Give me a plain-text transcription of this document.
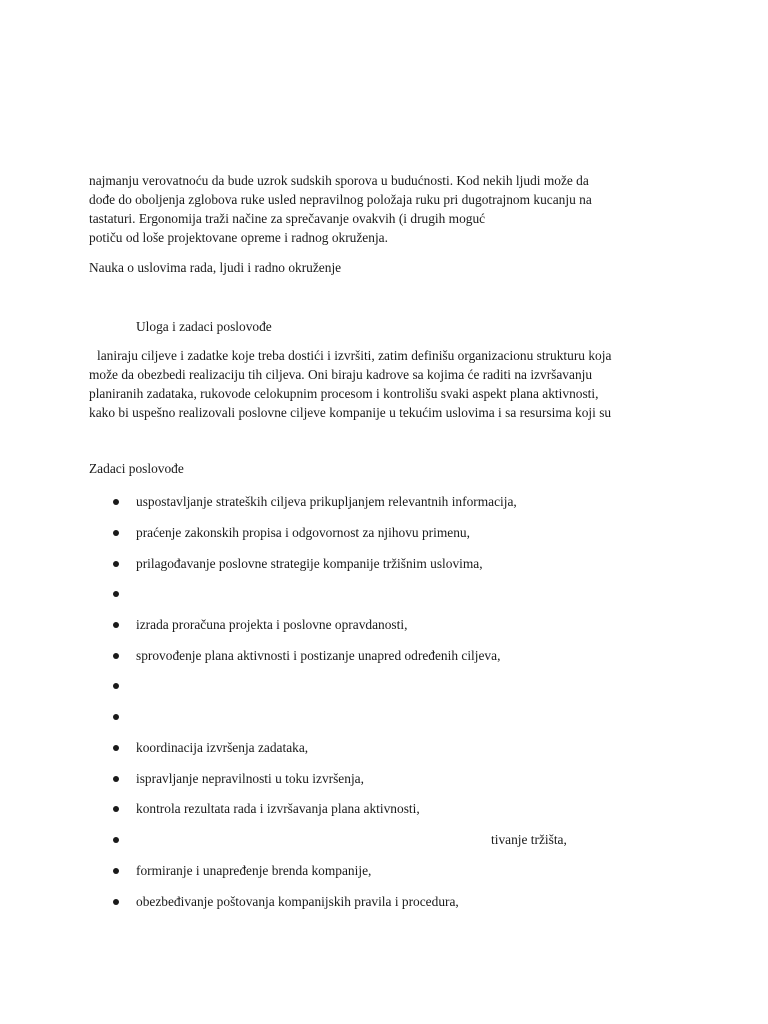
najmanju verovatnoću da bude uzrok sudskih sporova u budućnosti. Kod nekih ljudi može da
dođe do oboljenja zglobova ruke usled nepravilnog položaja ruku pri dugotrajnom kucanju na
tastaturi. Ergonomija traži načine za sprečavanje ovakvih (i drugih moguć
potiču od loše projektovane opreme i radnog okruženja.
Nauka o uslovima rada, ljudi i radno okruženje
Uloga i zadaci poslovođe
laniraju ciljeve i zadatke koje treba dostići i izvršiti, zatim definišu organizacionu strukturu koja
može da obezbedi realizaciju tih ciljeva. Oni biraju kadrove sa kojima će raditi na izvršavanju
planiranih zadataka, rukovode celokupnim procesom i kontrolišu svaki aspekt plana aktivnosti,
kako bi uspešno realizovali poslovne ciljeve kompanije u tekućim uslovima i sa resursima koji su
Zadaci poslovođe
uspostavljanje strateških ciljeva prikupljanjem relevantnih informacija,
praćenje zakonskih propisa i odgovornost za njihovu primenu,
prilagođavanje poslovne strategije kompanije tržišnim uslovima,
izrada proračuna projekta i poslovne opravdanosti,
sprovođenje plana aktivnosti i postizanje unapred određenih ciljeva,
koordinacija izvršenja zadataka,
ispravljanje nepravilnosti u toku izvršenja,
kontrola rezultata rada i izvršavanja plana aktivnosti,
tivanje tržišta,
formiranje i unapređenje brenda kompanije,
obezbeđivanje poštovanja kompanijskih pravila i procedura,
